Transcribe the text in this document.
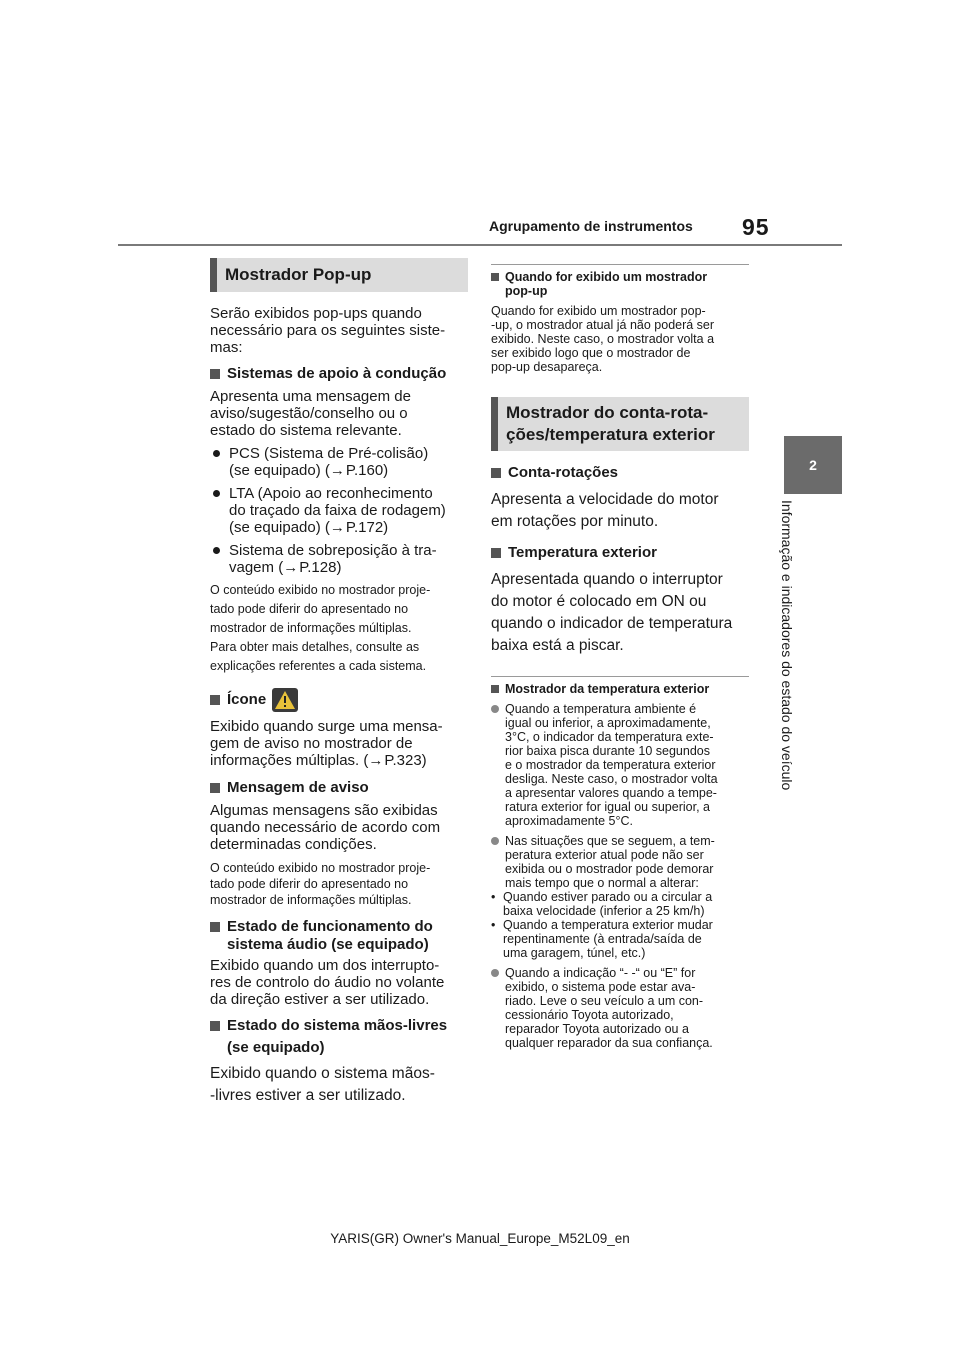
95
Agrupamento de instrumentos
2
Informação e indicadores do estado do veículo
Mostrador Pop-up

Serão exibidos pop-ups quando

necessário para os seguintes siste-

mas:

Sistemas de apoio à condução

Apresenta uma mensagem de

aviso/sugestão/conselho ou o

estado do sistema relevante.

PCS (Sistema de Pré-colisão)
(se equipado) (→P.160)
LTA (Apoio ao reconhecimento
do traçado da faixa de rodagem)
(se equipado) (→P.172)
Sistema de sobreposição à tra-
vagem (→P.128)

O conteúdo exibido no mostrador proje-

tado pode diferir do apresentado no

mostrador de informações múltiplas.

Para obter mais detalhes, consulte as

explicações referentes a cada sistema.

Ícone

Exibido quando surge uma mensa-

gem de aviso no mostrador de

informações múltiplas. (→P.323)

Mensagem de aviso

Algumas mensagens são exibidas

quando necessário de acordo com

determinadas condições.

O conteúdo exibido no mostrador proje-

tado pode diferir do apresentado no

mostrador de informações múltiplas.

Estado de funcionamento do
sistema áudio (se equipado)

Exibido quando um dos interrupto-

res de controlo do áudio no volante

da direção estiver a ser utilizado.

Estado do sistema mãos-livres
(se equipado)

Exibido quando o sistema mãos-

-livres estiver a ser utilizado.

Quando for exibido um mostrador
pop-up

Quando for exibido um mostrador pop-

-up, o mostrador atual já não poderá ser

exibido. Neste caso, o mostrador volta a

ser exibido logo que o mostrador de

pop-up desapareça.

Mostrador do conta-rota-
ções/temperatura exterior
Conta-rotações

Apresenta a velocidade do motor

em rotações por minuto.

Temperatura exterior

Apresentada quando o interruptor

do motor é colocado em ON ou

quando o indicador de temperatura

baixa está a piscar.

Mostrador da temperatura exterior
Quando a temperatura ambiente é
igual ou inferior, a aproximadamente,
3°C, o indicador da temperatura exte-
rior baixa pisca durante 10 segundos
e o mostrador da temperatura exterior
desliga. Neste caso, o mostrador volta
a apresentar valores quando a tempe-
ratura exterior for igual ou superior, a
aproximadamente 5°C.
Nas situações que se seguem, a tem-
peratura exterior atual pode não ser
exibida ou o mostrador pode demorar
mais tempo que o normal a alterar:
• Quando estiver parado ou a circular a
baixa velocidade (inferior a 25 km/h)
• Quando a temperatura exterior mudar
repentinamente (à entrada/saída de
uma garagem, túnel, etc.)
Quando a indicação “- -“ ou “E” for
exibido, o sistema pode estar ava-
riado. Leve o seu veículo a um con-
cessionário Toyota autorizado,
reparador Toyota autorizado ou a
qualquer reparador da sua confiança.
YARIS(GR) Owner's Manual_Europe_M52L09_en
